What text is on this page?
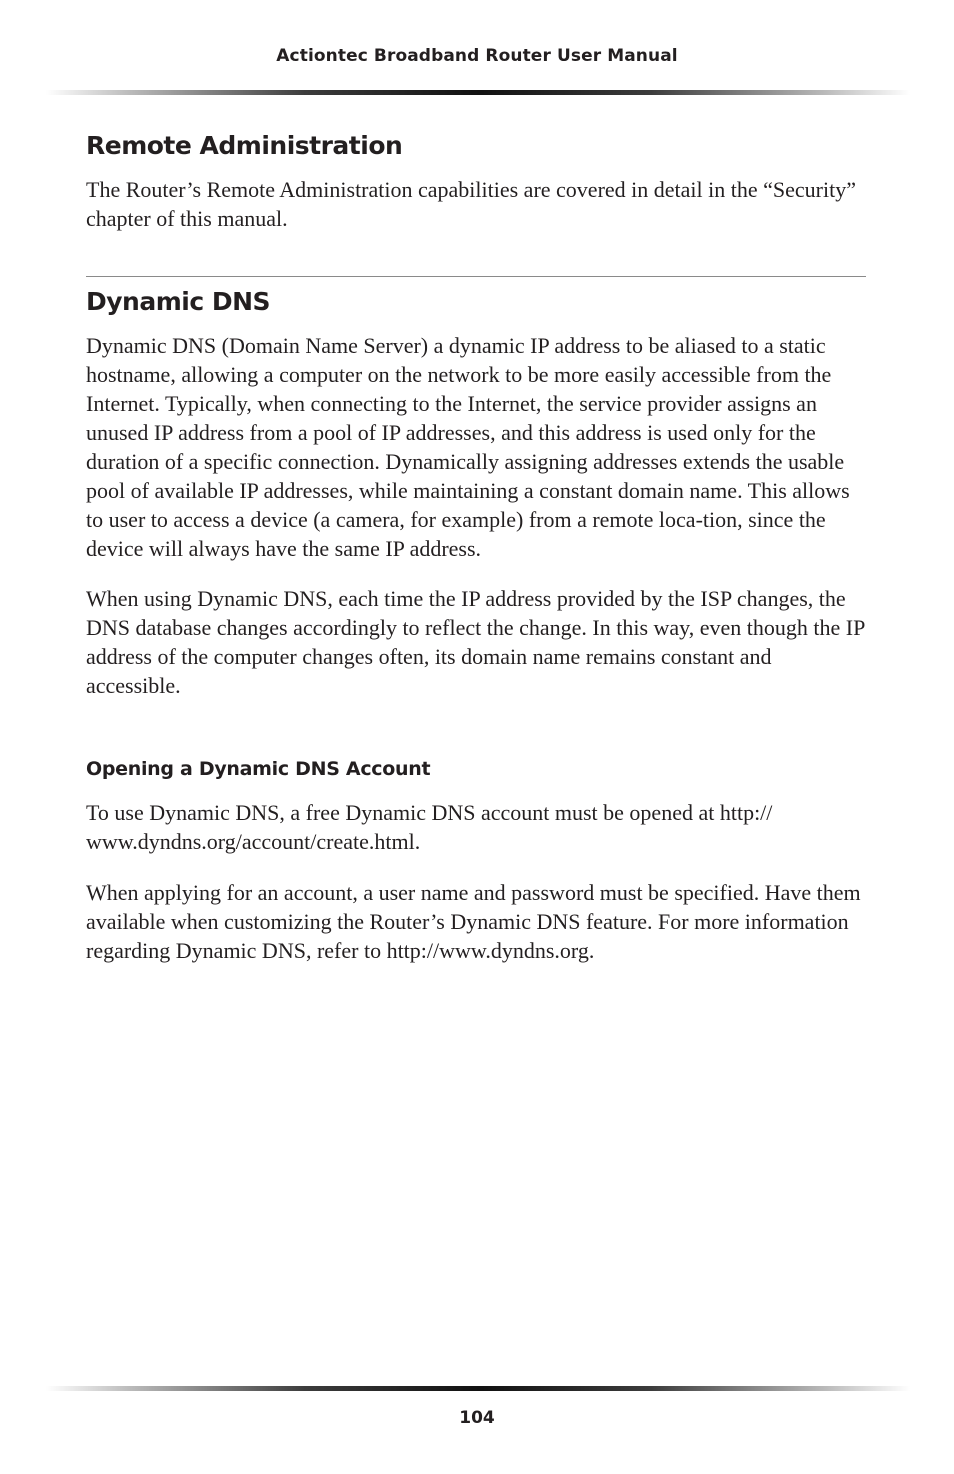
Actiontec Broadband Router User Manual
Remote Administration

The Router’s Remote Administration capabilities are covered in detail in the “Security” chapter of this manual.

Dynamic DNS

Dynamic DNS (Domain Name Server) a dynamic IP address to be aliased to a static hostname, allowing a computer on the network to be more easily accessible from the Internet. Typically, when connecting to the Internet, the service provider assigns an unused IP address from a pool of IP addresses, and this address is used only for the duration of a specific connection. Dynamically assigning addresses extends the usable pool of available IP addresses, while maintaining a constant domain name. This allows to user to access a device (a camera, for example) from a remote loca-tion, since the device will always have the same IP address.

When using Dynamic DNS, each time the IP address provided by the ISP changes, the DNS database changes accordingly to reflect the change. In this way, even though the IP address of the computer changes often, its domain name remains constant and accessible.

Opening a Dynamic DNS Account

To use Dynamic DNS, a free Dynamic DNS account must be opened at http:// www.dyndns.org/account/create.html.

When applying for an account, a user name and password must be specified. Have them available when customizing the Router’s Dynamic DNS feature. For more information regarding Dynamic DNS, refer to http://www.dyndns.org.

104
